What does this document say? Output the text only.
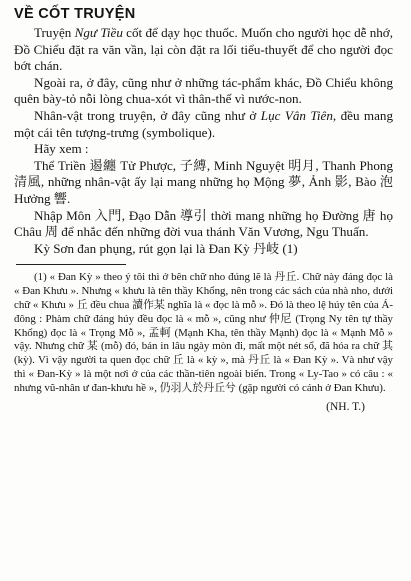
VỀ CỐT TRUYỆN

Truyện Ngư Tiều cốt để dạy học thuốc. Muốn cho người học dễ nhớ, Đồ Chiểu đặt ra văn vần, lại còn đặt ra lối tiểu-thuyết để cho người đọc bớt chán.

Ngoài ra, ở đây, cũng như ở những tác-phẩm khác, Đồ Chiểu không quên bày-tỏ nỗi lòng chua-xót vì thân-thế vì nước-non.

Nhân-vật trong truyện, ở đây cũng như ở Lục Vân Tiên, đều mang một cái tên tượng-trưng (symbolique).

Hãy xem :

Thể Triền 遏纏 Tử Phược, 子縛, Minh Nguyệt 明月, Thanh Phong 清風, những nhân-vật ấy lại mang những họ Mộng 夢, Ảnh 影, Bào 泡 Hưởng 響.

Nhập Môn 入門, Đạo Dẫn 導引 thời mang những họ Đường 唐 họ Châu 周 để nhắc đến những đời vua thánh Văn Vương, Ngu Thuấn.

Kỳ Sơn đan phụng, rút gọn lại là Đan Kỳ 丹岐 (1)

(1) « Đan Kỳ » theo ý tôi thì ở bên chữ nho đúng lẽ là 丹丘. Chữ này đáng đọc là « Đan Khưu ». Nhưng « khưu là tên thầy Khổng, nên trong các sách của nhà nho, dưới chữ « Khưu » 丘 đều chua 讀作某 nghĩa là « đọc là mỗ ». Đó là theo lệ húy tên của Á-đông : Phàm chữ đáng húy đều đọc là « mỗ », cũng như 仲尼 (Trọng Ny tên tự thầy Khổng) đọc là « Trọng Mỗ », 孟軻 (Mạnh Kha, tên thầy Mạnh) đọc là « Mạnh Mỗ » vậy. Nhưng chữ 某 (mỗ) đó, bản in lâu ngày mòn đi, mất một nét sổ, đã hóa ra chữ 其 (kỳ). Vì vậy người ta quen đọc chữ 丘 là « kỳ », mà 丹丘 là « Đan Kỳ ». Và như vậy thì « Đan-Kỳ » là một nơi ở của các thần-tiên ngoài biển. Trong « Ly-Tao » có câu : « nhưng vũ-nhân ư đan-khưu hề », 仍羽人於丹丘兮 (gặp người có cánh ở Đan Khưu).

(NH. T.)
